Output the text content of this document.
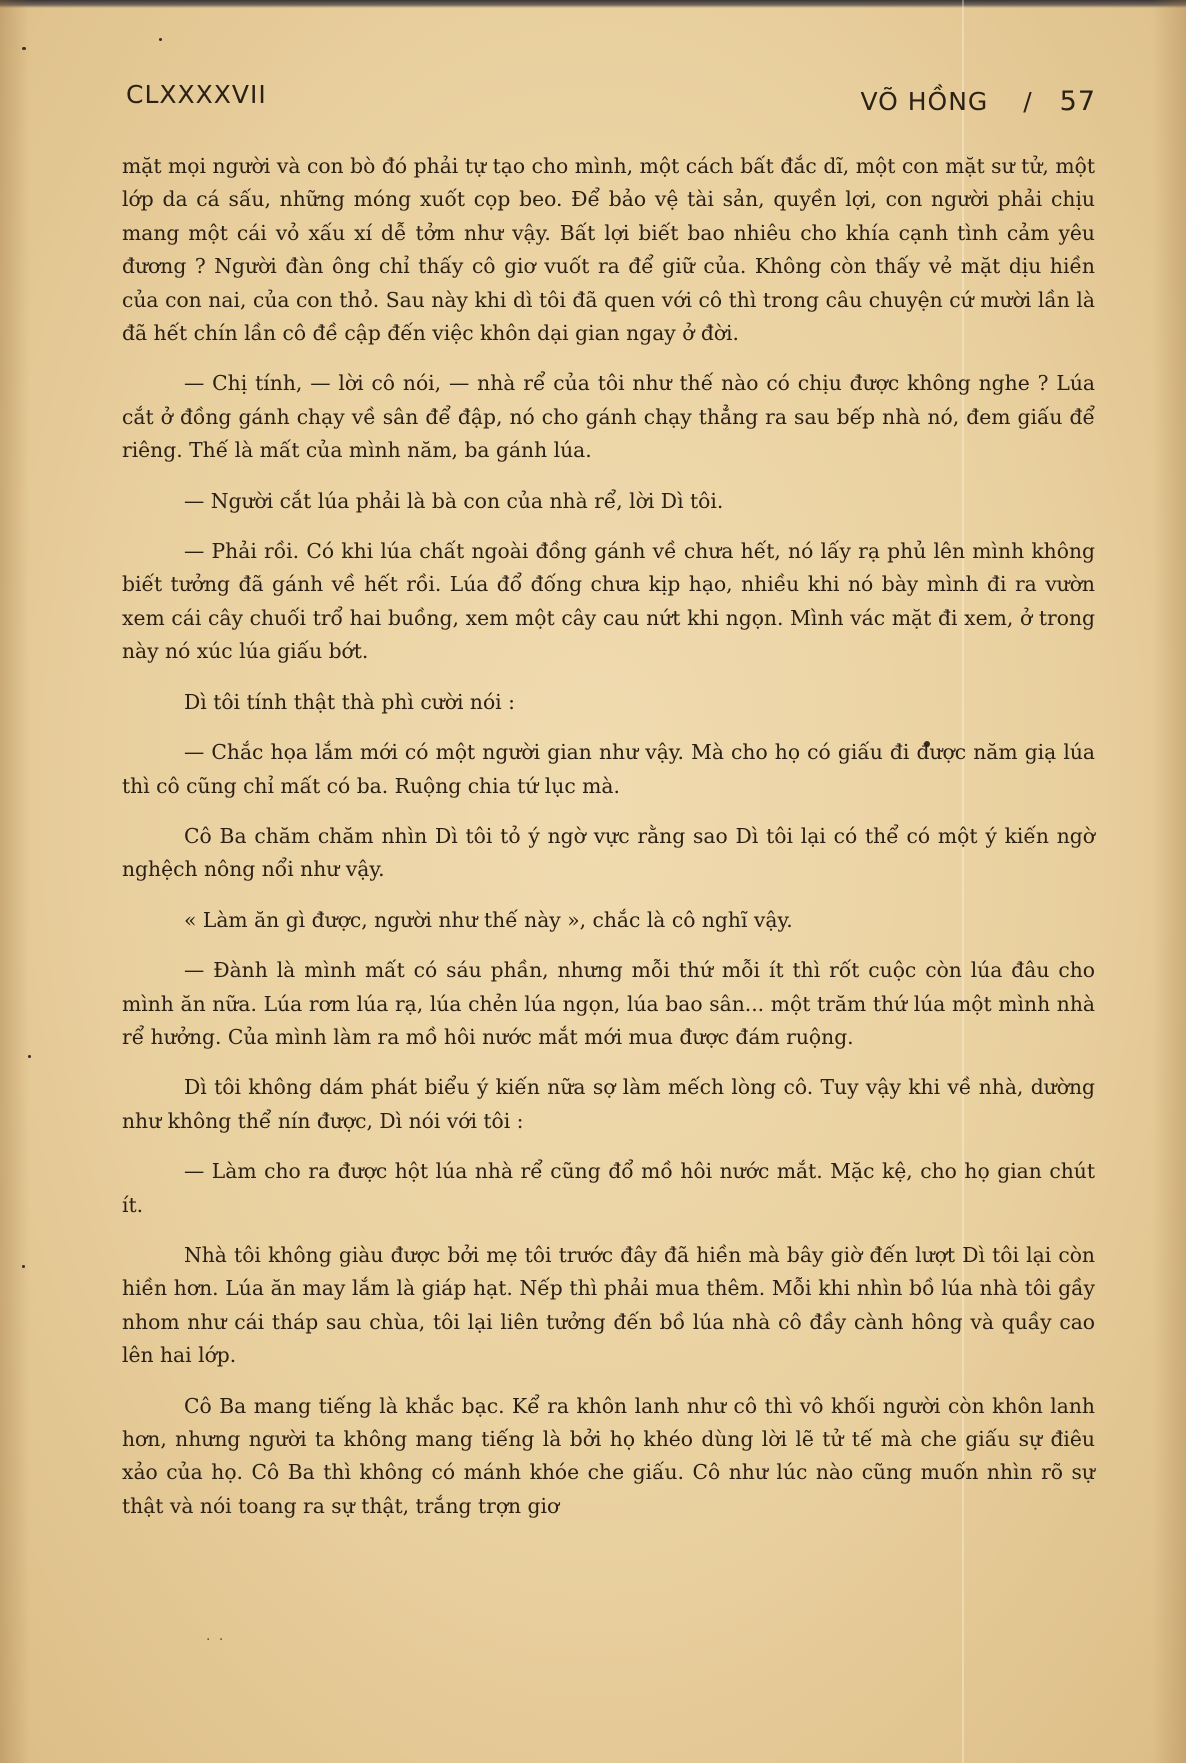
CLXXXXVII	VÕ HỒNG / 57

mặt mọi người và con bò đó phải tự tạo cho mình, một cách bất đắc dĩ, một con mặt sư tử, một lớp da cá sấu, những móng xuốt cọp beo. Để bảo vệ tài sản, quyền lợi, con người phải chịu mang một cái vỏ xấu xí dễ tởm như vậy. Bất lợi biết bao nhiêu cho khía cạnh tình cảm yêu đương ? Người đàn ông chỉ thấy cô giơ vuốt ra để giữ của. Không còn thấy vẻ mặt dịu hiền của con nai, của con thỏ. Sau này khi dì tôi đã quen với cô thì trong câu chuyện cứ mười lần là đã hết chín lần cô đề cập đến việc khôn dại gian ngay ở đời.

— Chị tính, — lời cô nói, — nhà rể của tôi như thế nào có chịu được không nghe ? Lúa cắt ở đồng gánh chạy về sân để đập, nó cho gánh chạy thẳng ra sau bếp nhà nó, đem giấu để riêng. Thế là mất của mình năm, ba gánh lúa.

— Người cắt lúa phải là bà con của nhà rể, lời Dì tôi.

— Phải rồi. Có khi lúa chất ngoài đồng gánh về chưa hết, nó lấy rạ phủ lên mình không biết tưởng đã gánh về hết rồi. Lúa đổ đống chưa kịp hạo, nhiều khi nó bày mình đi ra vườn xem cái cây chuối trổ hai buồng, xem một cây cau nứt khi ngọn. Mình vác mặt đi xem, ở trong này nó xúc lúa giấu bớt.

Dì tôi tính thật thà phì cười nói :

— Chắc họa lắm mới có một người gian như vậy. Mà cho họ có giấu đi được năm giạ lúa thì cô cũng chỉ mất có ba. Ruộng chia tứ lục mà.

Cô Ba chăm chăm nhìn Dì tôi tỏ ý ngờ vực rằng sao Dì tôi lại có thể có một ý kiến ngờ nghệch nông nổi như vậy.

« Làm ăn gì được, người như thế này », chắc là cô nghĩ vậy.

— Đành là mình mất có sáu phần, nhưng mỗi thứ mỗi ít thì rốt cuộc còn lúa đâu cho mình ăn nữa. Lúa rơm lúa rạ, lúa chẻn lúa ngọn, lúa bao sân... một trăm thứ lúa một mình nhà rể hưởng. Của mình làm ra mồ hôi nước mắt mới mua được đám ruộng.

Dì tôi không dám phát biểu ý kiến nữa sợ làm mếch lòng cô. Tuy vậy khi về nhà, dường như không thể nín được, Dì nói với tôi :

— Làm cho ra được hột lúa nhà rể cũng đổ mồ hôi nước mắt. Mặc kệ, cho họ gian chút ít.

Nhà tôi không giàu được bởi mẹ tôi trước đây đã hiền mà bây giờ đến lượt Dì tôi lại còn hiền hơn. Lúa ăn may lắm là giáp hạt. Nếp thì phải mua thêm. Mỗi khi nhìn bồ lúa nhà tôi gầy nhom như cái tháp sau chùa, tôi lại liên tưởng đến bồ lúa nhà cô đầy cành hông và quầy cao lên hai lớp.

Cô Ba mang tiếng là khắc bạc. Kể ra khôn lanh như cô thì vô khối người còn khôn lanh hơn, nhưng người ta không mang tiếng là bởi họ khéo dùng lời lẽ tử tế mà che giấu sự điêu xảo của họ. Cô Ba thì không có mánh khóe che giấu. Cô như lúc nào cũng muốn nhìn rõ sự thật và nói toang ra sự thật, trắng trợn giơ

· ·
